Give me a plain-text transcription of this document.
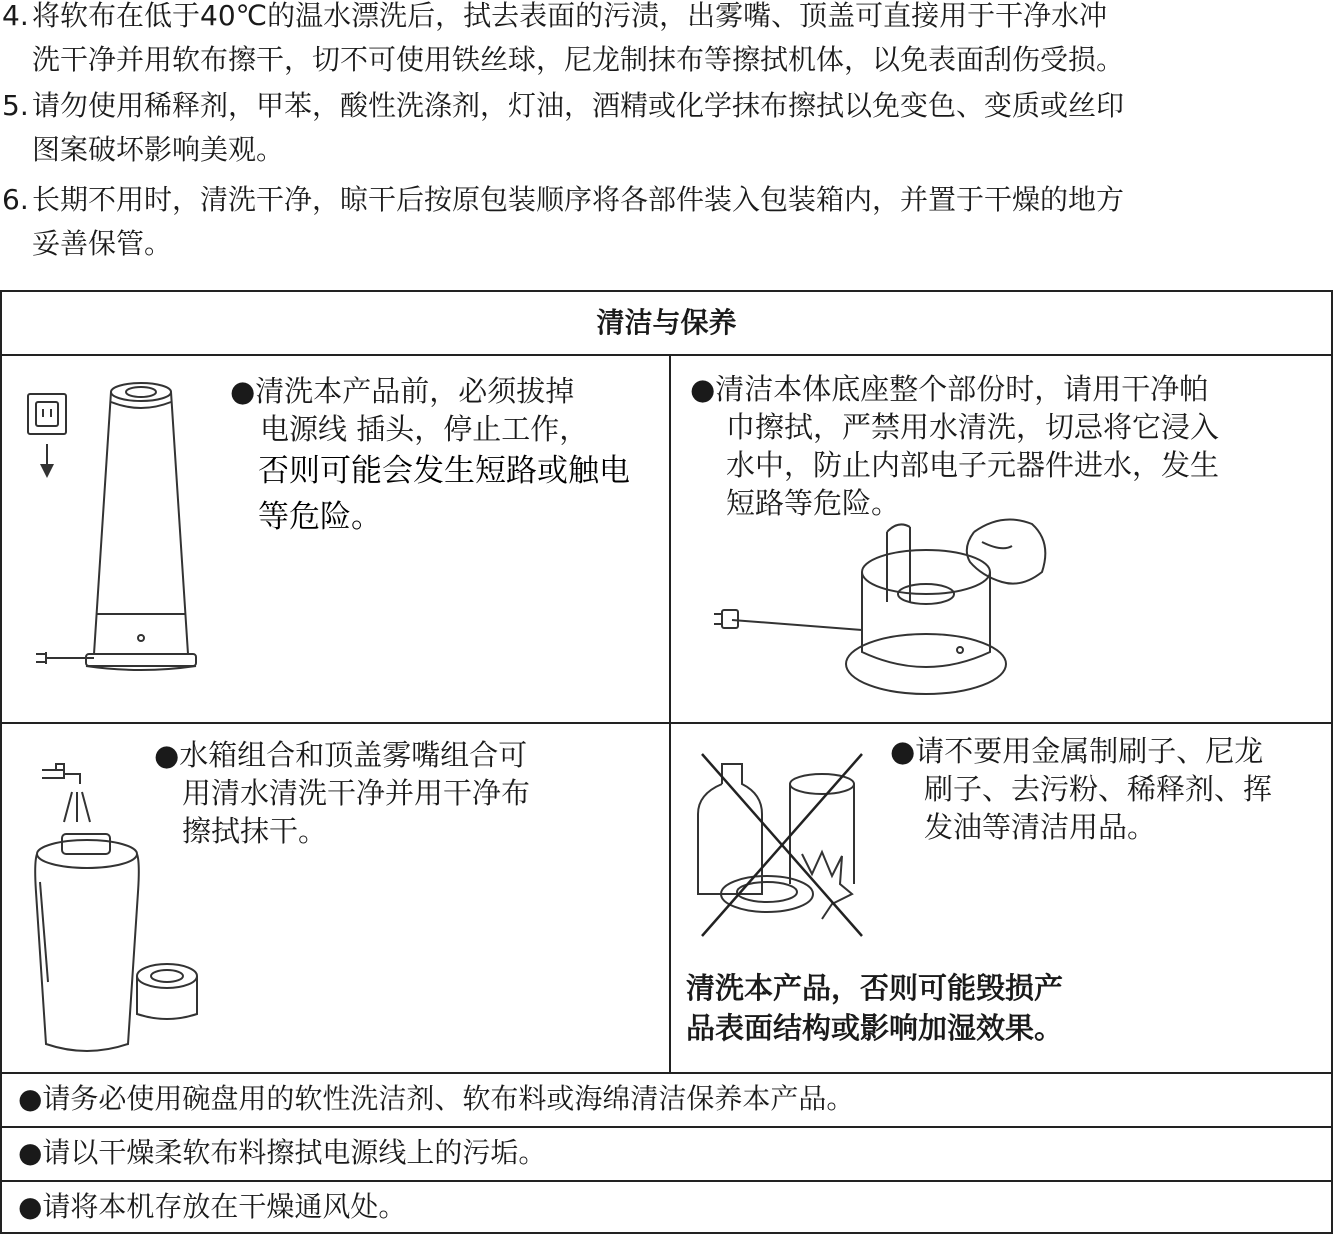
4. 将软布在低于40℃的温水漂洗后，拭去表面的污渍，出雾嘴、顶盖可直接用于干净水冲
洗干净并用软布擦干，切不可使用铁丝球，尼龙制抹布等擦拭机体，以免表面刮伤受损。
5. 请勿使用稀释剂，甲苯，酸性洗涤剂，灯油，酒精或化学抹布擦拭以免变色、变质或丝印
图案破坏影响美观。
6. 长期不用时，清洗干净，晾干后按原包装顺序将各部件装入包装箱内，并置于干燥的地方
妥善保管。
清洁与保养
●清洗本产品前，必须拔掉
电源线 插头，停止工作，
否则可能会发生短路或触电
等危险。
●清洁本体底座整个部份时，请用干净帕
巾擦拭，严禁用水清洗，切忌将它浸入
水中，防止内部电子元器件进水，发生
短路等危险。
●水箱组合和顶盖雾嘴组合可
用清水清洗干净并用干净布
擦拭抹干。
●请不要用金属制刷子、尼龙
刷子、去污粉、稀释剂、挥
发油等清洁用品。
清洗本产品，否则可能毁损产
品表面结构或影响加湿效果。
●请务必使用碗盘用的软性洗洁剂、软布料或海绵清洁保养本产品。
●请以干燥柔软布料擦拭电源线上的污垢。
●请将本机存放在干燥通风处。
